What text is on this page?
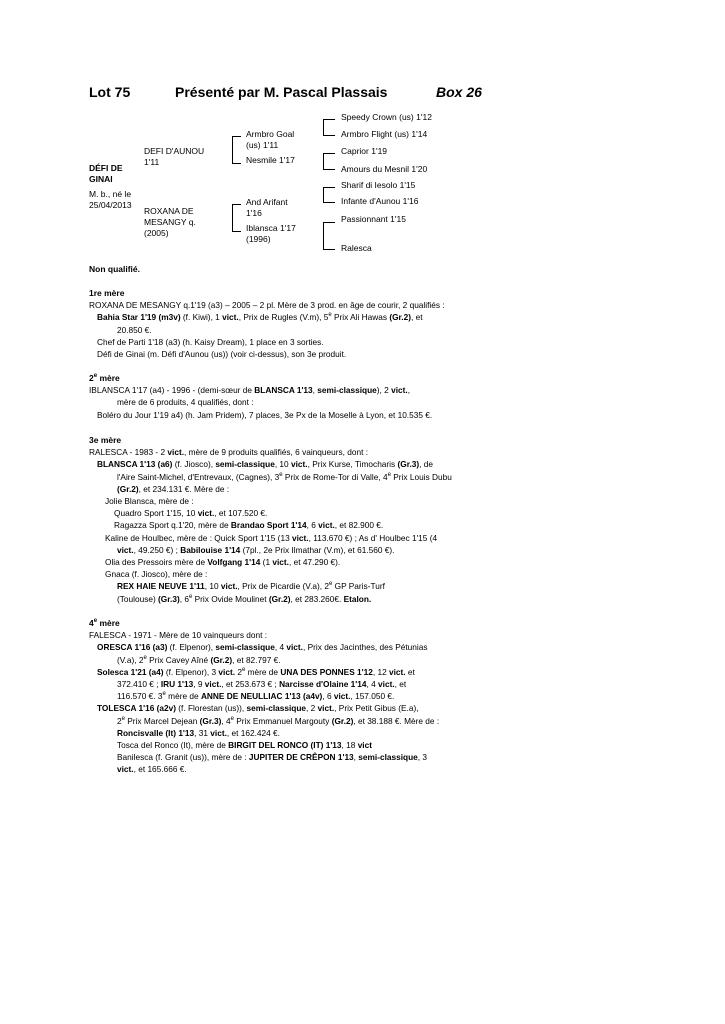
Lot 75	Présenté par M. Pascal Plassais	Box 26
DÉFI DE
GINAI
M. b., né le
25/04/2013
DEFI D'AUNOU
1'11
ROXANA DE
MESANGY q.
(2005)
Armbro Goal
(us) 1'11
Nesmile 1'17
And Arifant
1'16
Iblansca 1'17
(1996)
Speedy Crown (us) 1'12
Armbro Flight (us) 1'14
Caprior 1'19
Amours du Mesnil 1'20
Sharif di Iesolo 1'15
Infante d'Aunou 1'16
Passionnant 1'15
Ralesca
Non qualifié.

1re mère

ROXANA DE MESANGY q.1'19 (a3) – 2005 – 2 pl. Mère de 3 prod. en âge de courir, 2 qualifiés :

Bahia Star 1'19 (m3v) (f. Kiwi), 1 vict., Prix de Rugles (V.m), 5e Prix Ali Hawas (Gr.2), et

20.850 €.

Chef de Parti 1'18 (a3) (h. Kaisy Dream), 1 place en 3 sorties.

Défi de Ginai (m. Défi d'Aunou (us)) (voir ci-dessus), son 3e produit.

2e mère

IBLANSCA 1'17 (a4) - 1996 - (demi-sœur de BLANSCA 1'13, semi-classique), 2 vict.,

mère de 6 produits, 4 qualifiés, dont :

Boléro du Jour 1'19 a4) (h. Jam Pridem), 7 places, 3e Px de la Moselle à Lyon, et 10.535 €.

3e mère

RALESCA - 1983 - 2 vict., mère de 9 produits qualifiés, 6 vainqueurs, dont :

BLANSCA 1'13 (a6) (f. Jiosco), semi-classique, 10 vict., Prix Kurse, Timocharis (Gr.3), de

l'Aire Saint-Michel, d'Entrevaux, (Cagnes), 3e Prix de Rome-Tor di Valle, 4e Prix Louis Dubu

(Gr.2), et 234.131 €. Mère de :

Jolie Blansca, mère de :

Quadro Sport 1'15, 10 vict., et 107.520 €.

Ragazza Sport q.1'20, mère de Brandao Sport 1'14, 6 vict., et 82.900 €.

Kaline de Houlbec, mère de : Quick Sport 1'15 (13 vict., 113.670 €) ; As d' Houlbec 1'15 (4

vict., 49.250 €) ; Babilouise 1'14 (7pl., 2e Prix Ilmathar (V.m), et 61.560 €).

Olia des Pressoirs mère de Volfgang 1'14 (1 vict., et 47.290 €).

Gnaca (f. Jiosco), mère de :

REX HAIE NEUVE 1'11, 10 vict., Prix de Picardie (V.a), 2e GP Paris-Turf

(Toulouse) (Gr.3), 6e Prix Ovide Moulinet (Gr.2), et 283.260€. Etalon.

4e mère

FALESCA - 1971 - Mère de 10 vainqueurs dont :

ORESCA 1'16 (a3) (f. Elpenor), semi-classique, 4 vict., Prix des Jacinthes, des Pétunias

(V.a), 2e Prix Cavey Aîné (Gr.2), et 82.797 €.

Solesca 1'21 (a4) (f. Elpenor), 3 vict. 2e mère de UNA DES PONNES 1'12, 12 vict. et

372.410 € ; IRU 1'13, 9 vict., et 253.673 € ; Narcisse d'Olaine 1'14, 4 vict., et

116.570 €. 3e mère de ANNE DE NEULLIAC 1'13 (a4v), 6 vict., 157.050 €.

TOLESCA 1'16 (a2v) (f. Florestan (us)), semi-classique, 2 vict., Prix Petit Gibus (E.a),

2e Prix Marcel Dejean (Gr.3), 4e Prix Emmanuel Margouty (Gr.2), et 38.188 €. Mère de :

Roncisvalle (It) 1'13, 31 vict., et 162.424 €.

Tosca del Ronco (It), mère de BIRGIT DEL RONCO (IT) 1'13, 18 vict

Banilesca (f. Granit (us)), mère de : JUPITER DE CRÊPON 1'13, semi-classique, 3

vict., et 165.666 €.
